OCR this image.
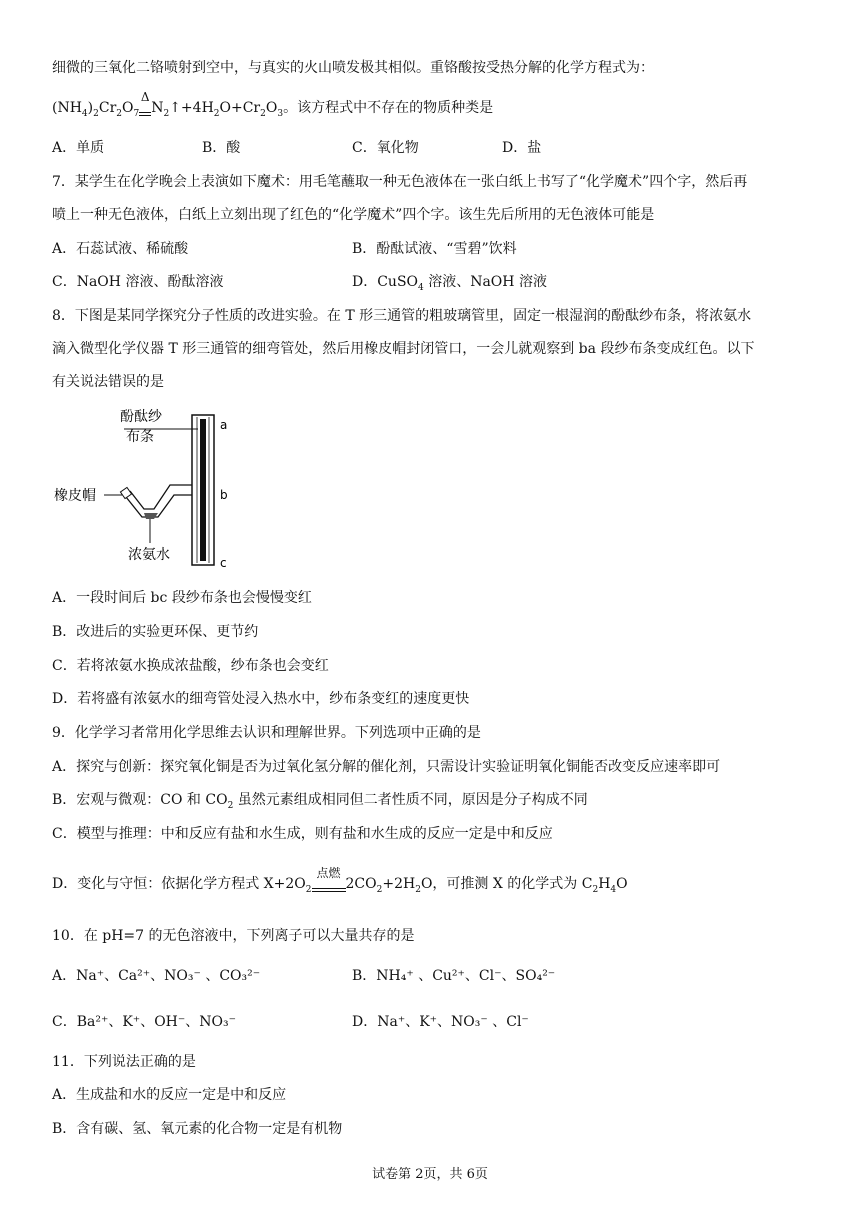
细微的三氧化二铬喷射到空中，与真实的火山喷发极其相似。重铬酸按受热分解的化学方程式为：
$(NH_4)_2Cr_2O_7$
Δ
$N_2↑+4H_2O+Cr_2O_3$。该方程式中不存在的物质种类是
A．单质	B．酸	C．氧化物	D．盐
7．某学生在化学晚会上表演如下魔术：用毛笔蘸取一种无色液体在一张白纸上书写了“化学魔术”四个字，然后再
喷上一种无色液体，白纸上立刻出现了红色的“化学魔术”四个字。该生先后所用的无色液体可能是
A．石蕊试液、稀硫酸	B．酚酞试液、“雪碧”饮料
C．NaOH 溶液、酚酞溶液	D．CuSO$_4$ 溶液、NaOH 溶液
8．下图是某同学探究分子性质的改进实验。在 T 形三通管的粗玻璃管里，固定一根湿润的酚酞纱布条，将浓氨水
滴入微型化学仪器 T 形三通管的细弯管处，然后用橡皮帽封闭管口，一会儿就观察到 ba 段纱布条变成红色。以下
有关说法错误的是
酚酞纱
布条
橡皮帽
浓氨水
a
b
c
A．一段时间后 bc 段纱布条也会慢慢变红
B．改进后的实验更环保、更节约
C．若将浓氨水换成浓盐酸，纱布条也会变红
D．若将盛有浓氨水的细弯管处浸入热水中，纱布条变红的速度更快
9．化学学习者常用化学思维去认识和理解世界。下列选项中正确的是
A．探究与创新：探究氧化铜是否为过氧化氢分解的催化剂，只需设计实验证明氧化铜能否改变反应速率即可
B．宏观与微观：CO 和 $CO_2$ 虽然元素组成相同但二者性质不同，原因是分子构成不同
C．模型与推理：中和反应有盐和水生成，则有盐和水生成的反应一定是中和反应
D．变化与守恒：依据化学方程式 $X+2O_2$
点燃
$2CO_2+2H_2O$，可推测 X 的化学式为 $C_2H_4O$
10．在 pH=7 的无色溶液中，下列离子可以大量共存的是
A．Na⁺、Ca²⁺、NO₃⁻ 、CO₃²⁻	B．NH₄⁺ 、Cu²⁺、Cl⁻、SO₄²⁻
C．Ba²⁺、K⁺、OH⁻、NO₃⁻	D．Na⁺、K⁺、NO₃⁻ 、Cl⁻
11．下列说法正确的是
A．生成盐和水的反应一定是中和反应
B．含有碳、氢、氧元素的化合物一定是有机物
试卷第 2页，共 6页
